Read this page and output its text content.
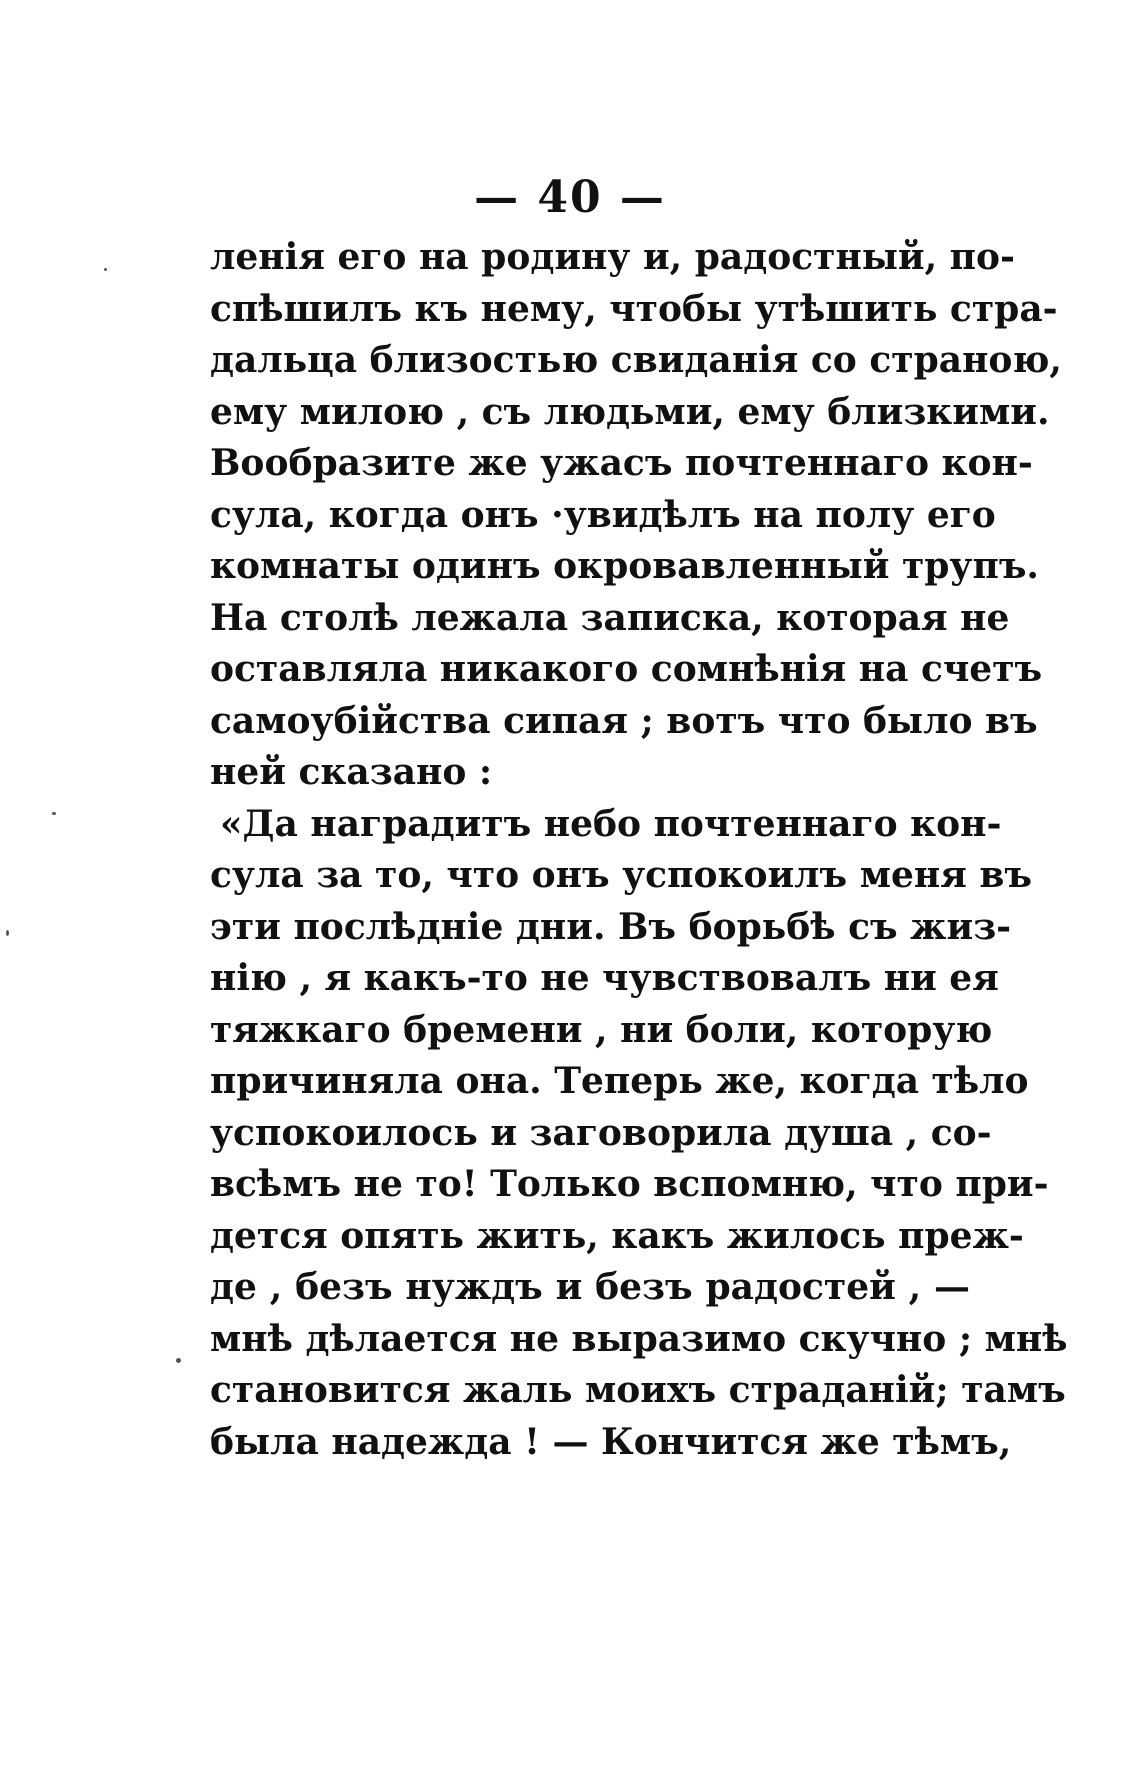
— 40 —
ленія его на родину и, радостный, по-
спѣшилъ къ нему, чтобы утѣшить стра-
дальца близостью свиданія со страною,
ему милою , съ людьми, ему близкими.
Вообразите же ужасъ почтеннаго кон-
сула, когда онъ ·увидѣлъ на полу его
комнаты одинъ окровавленный трупъ.
На столѣ лежала записка, которая не
оставляла никакого сомнѣнія на счетъ
самоубійства сипая ; вотъ что было въ
ней сказано :
«Да наградитъ небо почтеннаго кон-
сула за то, что онъ успокоилъ меня въ
эти послѣдніе дни. Въ борьбѣ съ жиз-
нію , я какъ-то не чувствовалъ ни ея
тяжкаго бремени , ни боли, которую
причиняла она. Теперь же, когда тѣло
успокоилось и заговорила душа , со-
всѣмъ не то! Только вспомню, что при-
дется опять жить, какъ жилось преж-
де , безъ нуждъ и безъ радостей , —
мнѣ дѣлается не выразимо скучно ; мнѣ
становится жаль моихъ страданій; тамъ
была надежда ! — Кончится же тѣмъ,
